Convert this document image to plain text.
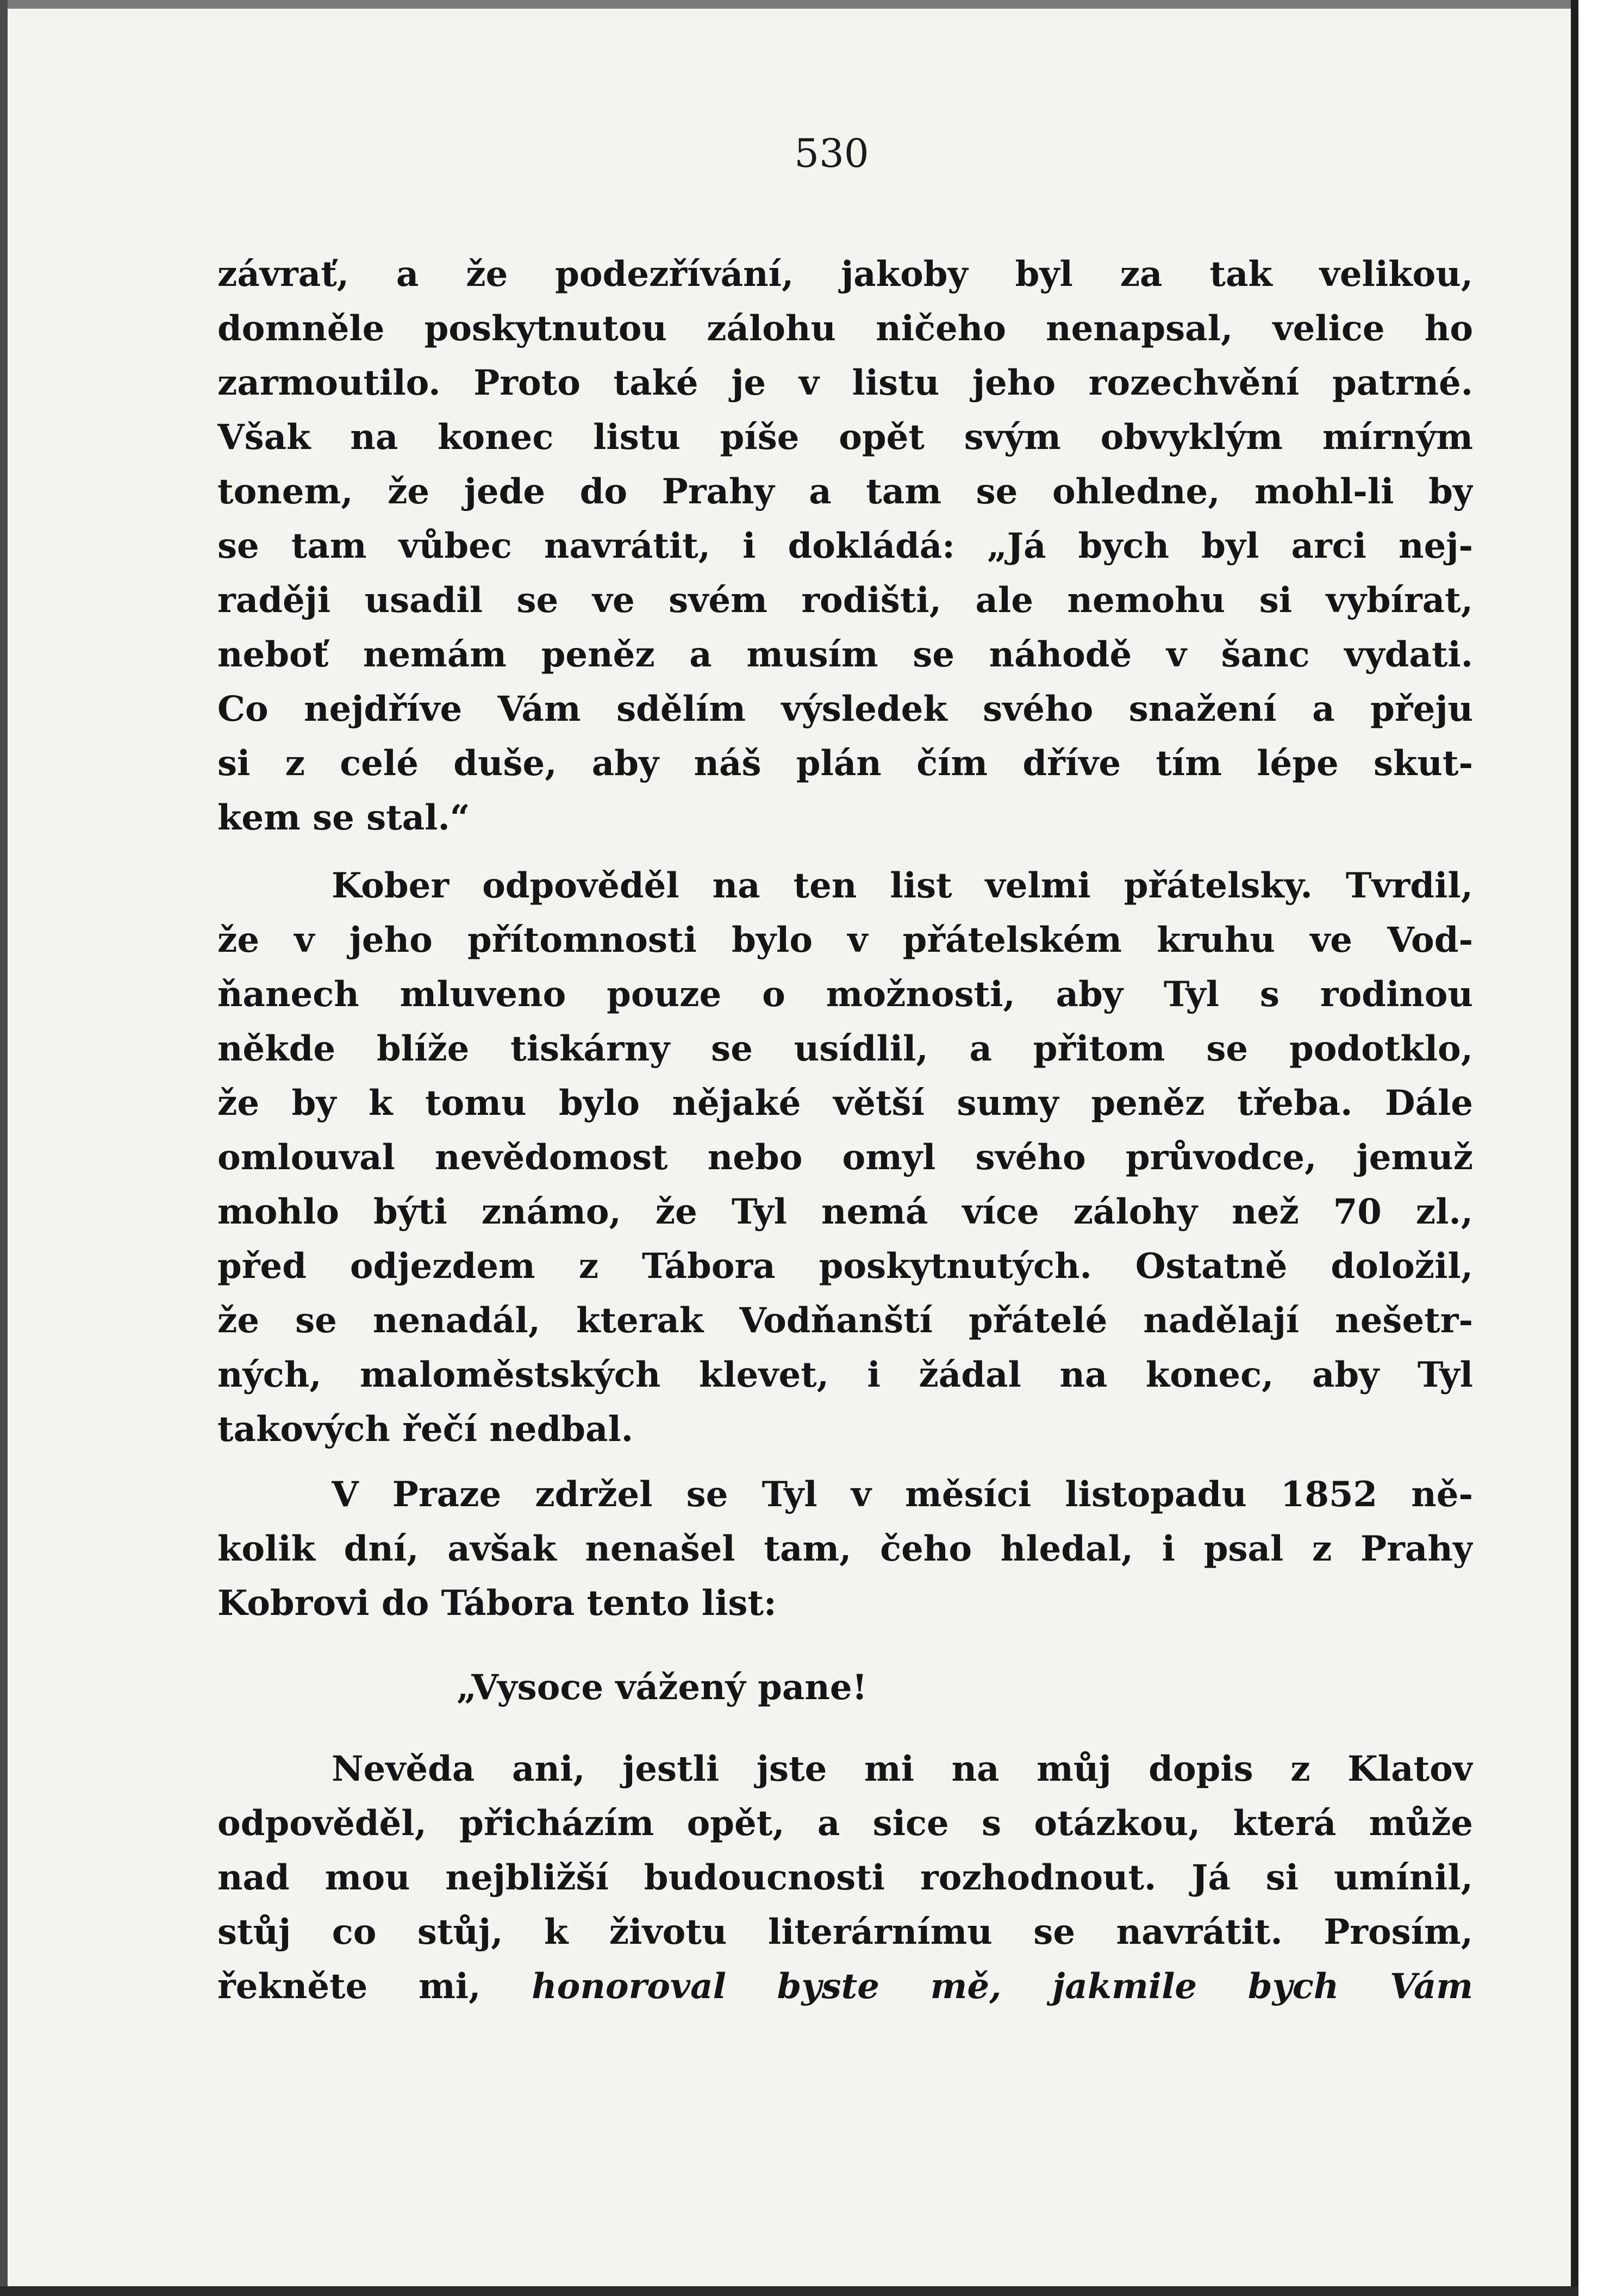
530
závrať, a že podezřívání, jakoby byl za tak velikou,
domněle poskytnutou zálohu ničeho nenapsal, velice ho
zarmoutilo. Proto také je v listu jeho rozechvění patrné.
Však na konec listu píše opět svým obvyklým mírným
tonem, že jede do Prahy a tam se ohledne, mohl-li by
se tam vůbec navrátit, i dokládá: „Já bych byl arci nej-
raději usadil se ve svém rodišti, ale nemohu si vybírat,
neboť nemám peněz a musím se náhodě v šanc vydati.
Co nejdříve Vám sdělím výsledek svého snažení a přeju
si z celé duše, aby náš plán čím dříve tím lépe skut-
kem se stal.“
Kober odpověděl na ten list velmi přátelsky. Tvrdil,
že v jeho přítomnosti bylo v přátelském kruhu ve Vod-
ňanech mluveno pouze o možnosti, aby Tyl s rodinou
někde blíže tiskárny se usídlil, a přitom se podotklo,
že by k tomu bylo nějaké větší sumy peněz třeba. Dále
omlouval nevědomost nebo omyl svého průvodce, jemuž
mohlo býti známo, že Tyl nemá více zálohy než 70 zl.,
před odjezdem z Tábora poskytnutých. Ostatně doložil,
že se nenadál, kterak Vodňanští přátelé nadělají nešetr-
ných, maloměstských klevet, i žádal na konec, aby Tyl
takových řečí nedbal.
V Praze zdržel se Tyl v měsíci listopadu 1852 ně-
kolik dní, avšak nenašel tam, čeho hledal, i psal z Prahy
Kobrovi do Tábora tento list:
„Vysoce vážený pane!
Nevěda ani, jestli jste mi na můj dopis z Klatov
odpověděl, přicházím opět, a sice s otázkou, která může
nad mou nejbližší budoucnosti rozhodnout. Já si umínil,
stůj co stůj, k životu literárnímu se navrátit. Prosím,
řekněte mi, honoroval byste mě, jakmile bych Vám
